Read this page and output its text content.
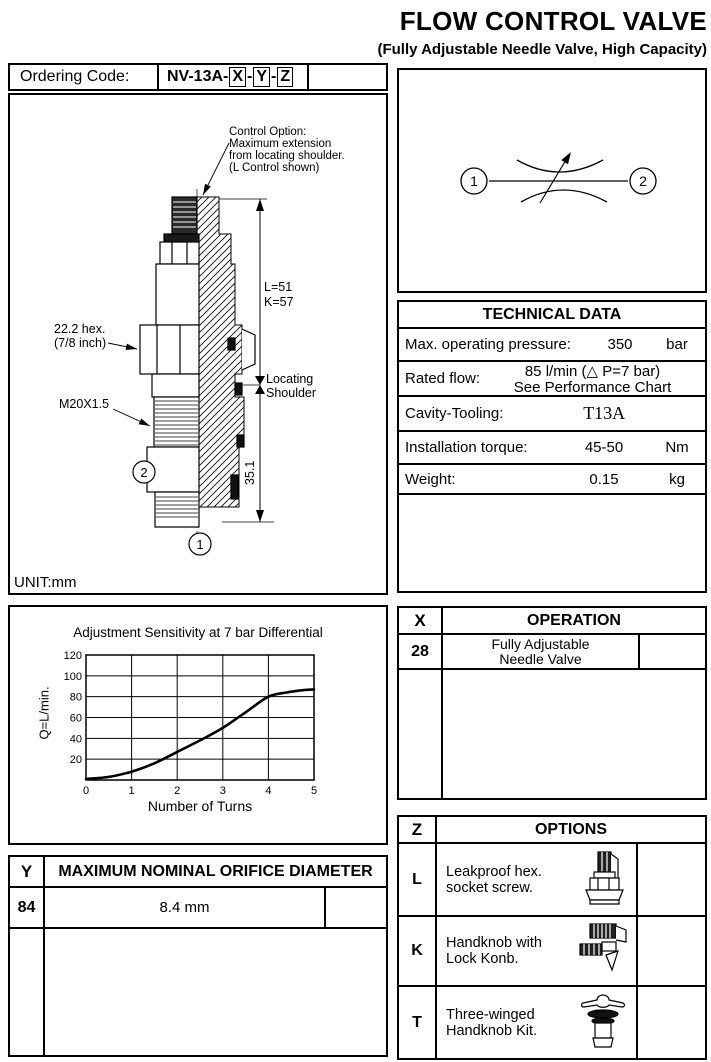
FLOW CONTROL VALVE
(Fully Adjustable Needle Valve, High Capacity)
Ordering Code:	NV-13A- X - Y - Z
2
1
Control Option:
Maximum extension
from locating shoulder.
(L Control shown)
22.2 hex.
(7/8 inch)
M20X1.5
L=51
K=57
Locating
Shoulder
35.1
UNIT:mm
1	2
TECHNICAL DATA
Max. operating pressure:	350	bar
Rated flow:	85 l/min (△ P=7 bar)
See Performance Chart
Cavity-Tooling:	T13A
Installation torque:	45-50	Nm
Weight:	0.15	kg
Adjustment Sensitivity at 7 bar Differential
Q=L/min.
Number of Turns
0	1	2	3	4	5
20
40
60
80
100
120
X	OPERATION
28	Fully Adjustable
Needle Valve
Y	MAXIMUM NOMINAL ORIFICE DIAMETER
84	8.4 mm
Z	OPTIONS
L	Leakproof hex.
socket screw.
K	Handknob with
Lock Konb.
T	Three-winged
Handknob Kit.
